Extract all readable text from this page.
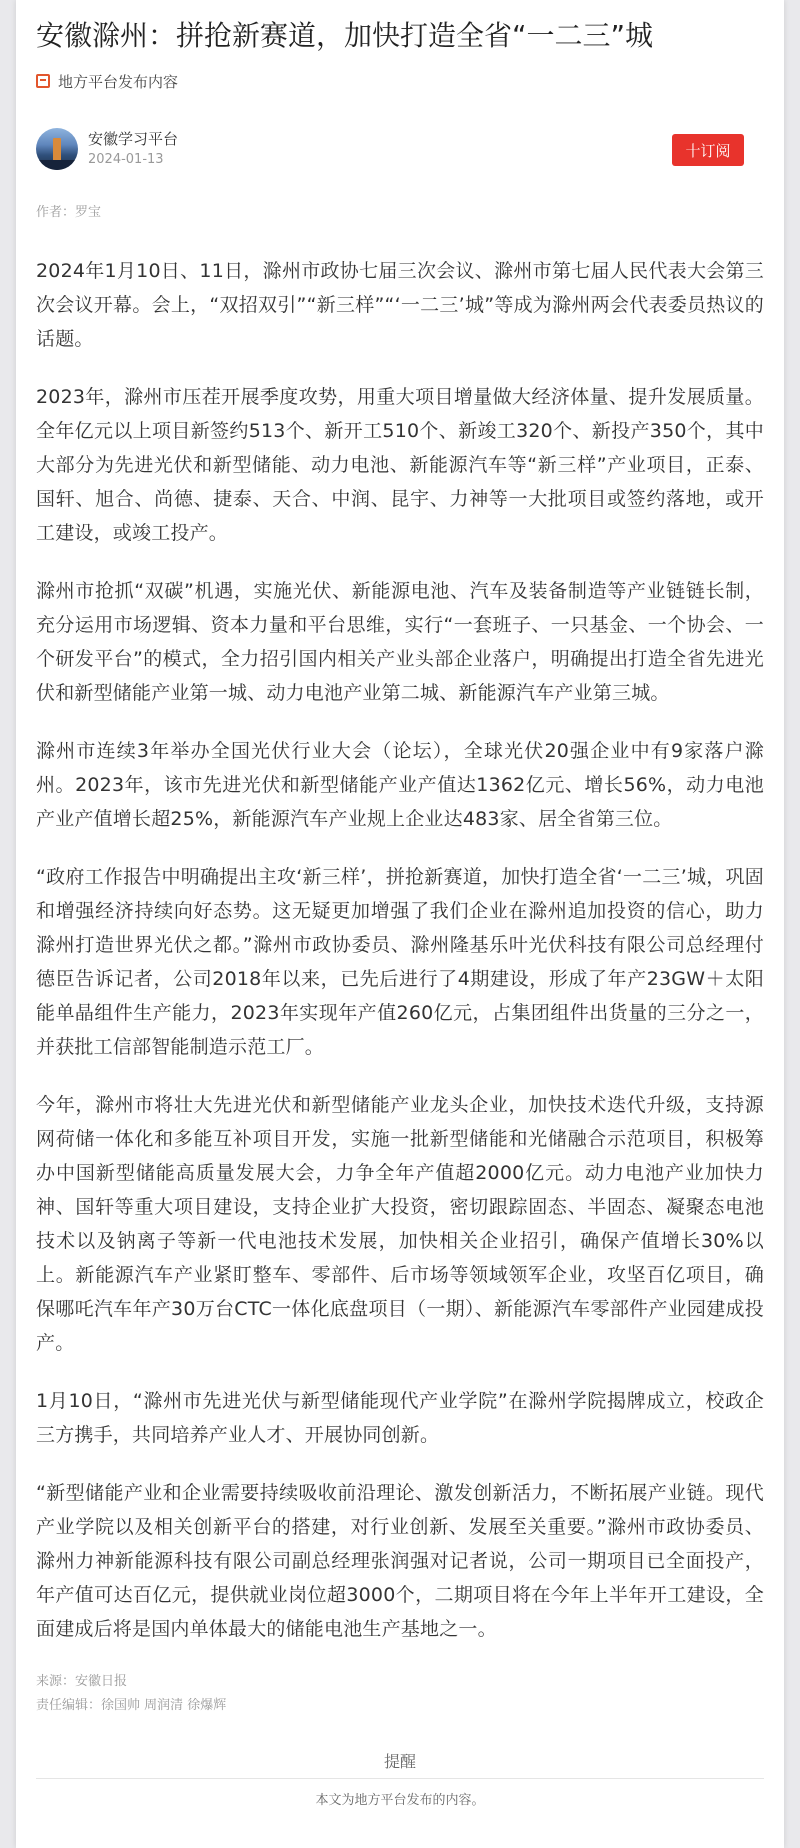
安徽滁州：拼抢新赛道，加快打造全省“一二三”城
地方平台发布内容
安徽学习平台
2024-01-13	十订阅
作者：罗宝

2024年1月10日、11日，滁州市政协七届三次会议、滁州市第七届人民代表大会第三次会议开幕。会上，“双招双引”“新三样”“‘一二三’城”等成为滁州两会代表委员热议的话题。

2023年，滁州市压茬开展季度攻势，用重大项目增量做大经济体量、提升发展质量。全年亿元以上项目新签约513个、新开工510个、新竣工320个、新投产350个，其中大部分为先进光伏和新型储能、动力电池、新能源汽车等“新三样”产业项目，正泰、国轩、旭合、尚德、捷泰、天合、中润、昆宇、力神等一大批项目或签约落地，或开工建设，或竣工投产。

滁州市抢抓“双碳”机遇，实施光伏、新能源电池、汽车及装备制造等产业链链长制，充分运用市场逻辑、资本力量和平台思维，实行“一套班子、一只基金、一个协会、一个研发平台”的模式，全力招引国内相关产业头部企业落户，明确提出打造全省先进光伏和新型储能产业第一城、动力电池产业第二城、新能源汽车产业第三城。

滁州市连续3年举办全国光伏行业大会（论坛），全球光伏20强企业中有9家落户滁州。2023年，该市先进光伏和新型储能产业产值达1362亿元、增长56%，动力电池产业产值增长超25%，新能源汽车产业规上企业达483家、居全省第三位。

“政府工作报告中明确提出主攻‘新三样’，拼抢新赛道，加快打造全省‘一二三’城，巩固和增强经济持续向好态势。这无疑更加增强了我们企业在滁州追加投资的信心，助力滁州打造世界光伏之都。”滁州市政协委员、滁州隆基乐叶光伏科技有限公司总经理付德臣告诉记者，公司2018年以来，已先后进行了4期建设，形成了年产23GW＋太阳能单晶组件生产能力，2023年实现年产值260亿元，占集团组件出货量的三分之一，并获批工信部智能制造示范工厂。

今年，滁州市将壮大先进光伏和新型储能产业龙头企业，加快技术迭代升级，支持源网荷储一体化和多能互补项目开发，实施一批新型储能和光储融合示范项目，积极筹办中国新型储能高质量发展大会，力争全年产值超2000亿元。动力电池产业加快力神、国轩等重大项目建设，支持企业扩大投资，密切跟踪固态、半固态、凝聚态电池技术以及钠离子等新一代电池技术发展，加快相关企业招引，确保产值增长30%以上。新能源汽车产业紧盯整车、零部件、后市场等领域领军企业，攻坚百亿项目，确保哪吒汽车年产30万台CTC一体化底盘项目（一期）、新能源汽车零部件产业园建成投产。

1月10日，“滁州市先进光伏与新型储能现代产业学院”在滁州学院揭牌成立，校政企三方携手，共同培养产业人才、开展协同创新。

“新型储能产业和企业需要持续吸收前沿理论、激发创新活力，不断拓展产业链。现代产业学院以及相关创新平台的搭建，对行业创新、发展至关重要。”滁州市政协委员、滁州力神新能源科技有限公司副总经理张润强对记者说，公司一期项目已全面投产，年产值可达百亿元，提供就业岗位超3000个，二期项目将在今年上半年开工建设，全面建成后将是国内单体最大的储能电池生产基地之一。

来源：安徽日报
责任编辑：徐国帅 周润清 徐爆辉
提醒
本文为地方平台发布的内容。
